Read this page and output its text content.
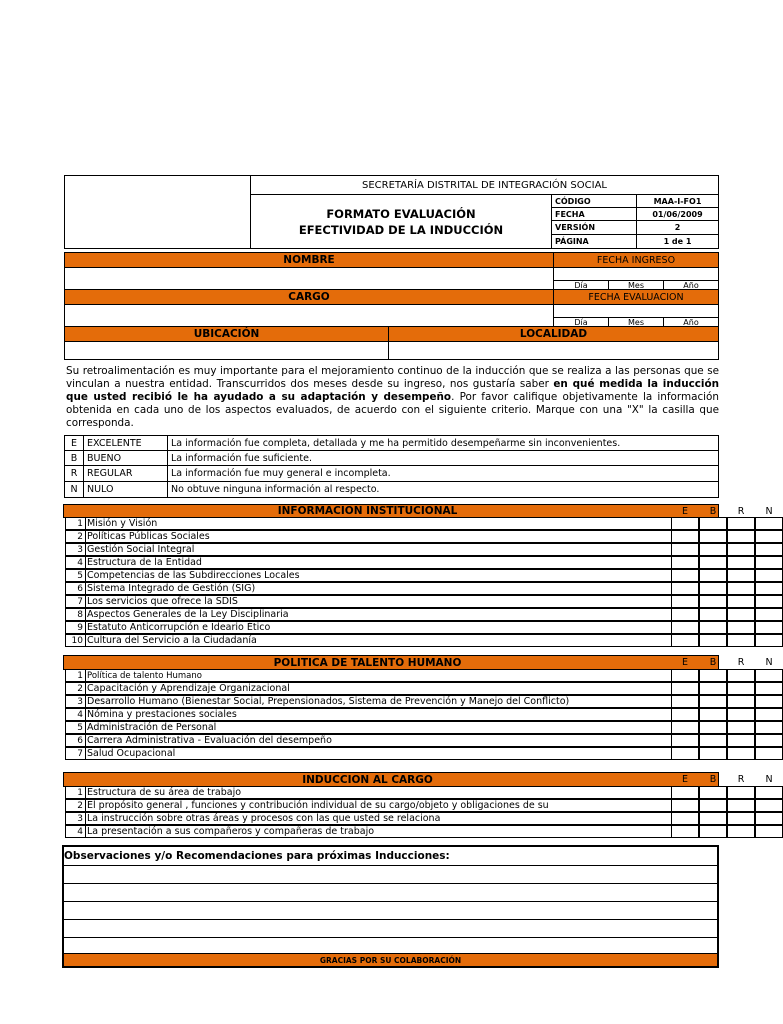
SECRETARÍA DISTRITAL DE INTEGRACIÓN SOCIAL
FORMATO EVALUACIÓN
EFECTIVIDAD DE LA INDUCCIÓN
CÓDIGO	MAA-I-FO1
FECHA	01/06/2009
VERSIÓN	2
PÁGINA	1 de 1
NOMBRE	FECHA INGRESO
Día	Mes	Año
CARGO	FECHA EVALUACION
Día	Mes	Año
UBICACIÓN	LOCALIDAD
Su retroalimentación es muy importante para el mejoramiento continuo de la inducción que se realiza a las personas que se vinculan a nuestra entidad. Transcurridos dos meses desde su ingreso, nos gustaría saber en qué medida la inducción que usted recibió le ha ayudado a su adaptación y desempeño. Por favor califique objetivamente la información obtenida en cada uno de los aspectos evaluados, de acuerdo con el siguiente criterio. Marque con una "X" la casilla que corresponda.
E	EXCELENTE	La información fue completa, detallada y me ha permitido desempeñarme sin inconvenientes.
B	BUENO	La información fue suficiente.
R	REGULAR	La información fue muy general e incompleta.
N NULO	No obtuve ninguna información al respecto.
INFORMACION INSTITUCIONAL	E	B	R	N
1 Misión y Visión
2 Políticas Públicas Sociales
3 Gestión Social Integral
4 Estructura de la Entidad
5 Competencias de las Subdirecciones Locales
6 Sistema Integrado de Gestión (SIG)
7 Los servicios que ofrece la SDIS
8 Aspectos Generales de la Ley Disciplinaria
9 Estatuto Anticorrupción e Ideario Ético
10 Cultura del Servicio a la Ciudadanía
POLITICA DE TALENTO HUMANO	E	B	R	N
1 Política de talento Humano
2 Capacitación y Aprendizaje Organizacional
3 Desarrollo Humano (Bienestar Social, Prepensionados, Sistema de Prevención y Manejo del Conflicto)
4 Nómina y prestaciones sociales
5 Administración de Personal
6 Carrera Administrativa - Evaluación del desempeño
7 Salud Ocupacional
INDUCCION AL CARGO	E	B	R	N
1 Estructura de su área de trabajo
2 El propósito general , funciones y contribución individual de su cargo/objeto y obligaciones de su
3 La instrucción sobre otras áreas y procesos con las que usted se relaciona
4 La presentación a sus compañeros y compañeras de trabajo
Observaciones y/o Recomendaciones para próximas Inducciones:
GRACIAS POR SU COLABORACIÓN
